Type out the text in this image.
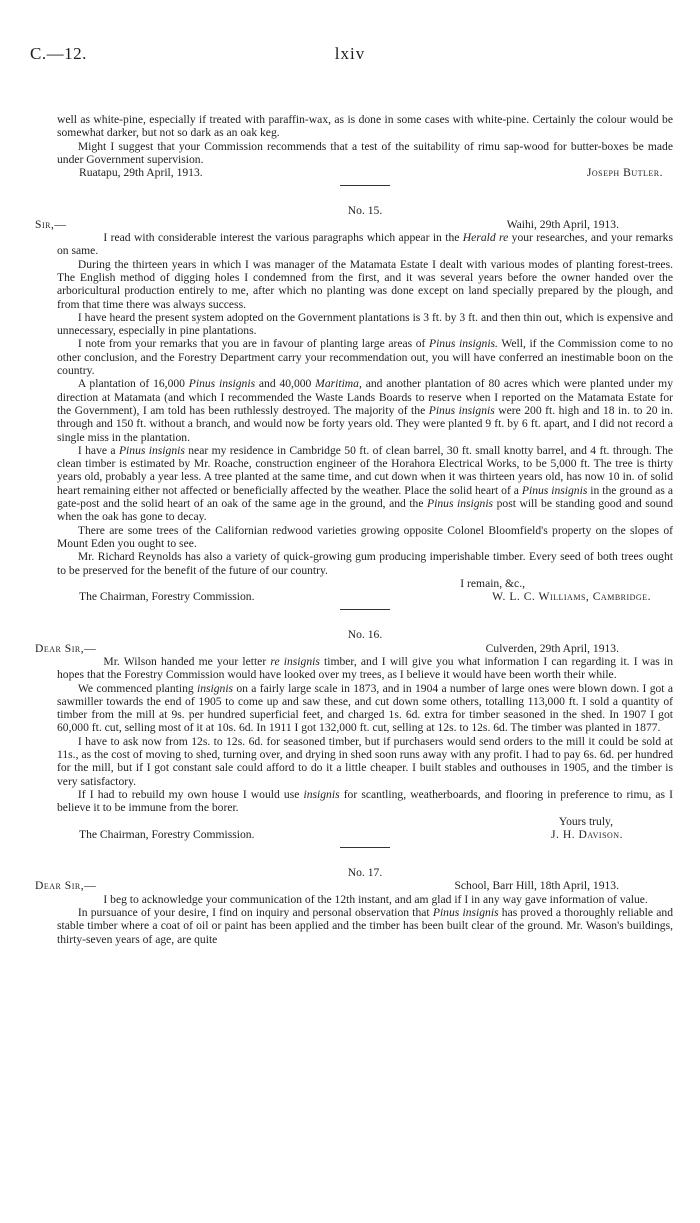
C.—12.	lxiv

well as white-pine, especially if treated with paraffin-wax, as is done in some cases with white-pine. Certainly the colour would be somewhat darker, but not so dark as an oak keg.

Might I suggest that your Commission recommends that a test of the suitability of rimu sap-wood for butter-boxes be made under Government supervision.

Ruatapu, 29th April, 1913.	Joseph Butler.
No. 15.
Sir,—	Waihi, 29th April, 1913.

I read with considerable interest the various paragraphs which appear in the Herald re your researches, and your remarks on same.

During the thirteen years in which I was manager of the Matamata Estate I dealt with various modes of planting forest-trees. The English method of digging holes I condemned from the first, and it was several years before the owner handed over the arboricultural production entirely to me, after which no planting was done except on land specially prepared by the plough, and from that time there was always success.

I have heard the present system adopted on the Government plantations is 3 ft. by 3 ft. and then thin out, which is expensive and unnecessary, especially in pine plantations.

I note from your remarks that you are in favour of planting large areas of Pinus insignis. Well, if the Commission come to no other conclusion, and the Forestry Department carry your recommendation out, you will have conferred an inestimable boon on the country.

A plantation of 16,000 Pinus insignis and 40,000 Maritima, and another plantation of 80 acres which were planted under my direction at Matamata (and which I recommended the Waste Lands Boards to reserve when I reported on the Matamata Estate for the Government), I am told has been ruthlessly destroyed. The majority of the Pinus insignis were 200 ft. high and 18 in. to 20 in. through and 150 ft. without a branch, and would now be forty years old. They were planted 9 ft. by 6 ft. apart, and I did not record a single miss in the plantation.

I have a Pinus insignis near my residence in Cambridge 50 ft. of clean barrel, 30 ft. small knotty barrel, and 4 ft. through. The clean timber is estimated by Mr. Roache, construction engineer of the Horahora Electrical Works, to be 5,000 ft. The tree is thirty years old, probably a year less. A tree planted at the same time, and cut down when it was thirteen years old, has now 10 in. of solid heart remaining either not affected or beneficially affected by the weather. Place the solid heart of a Pinus insignis in the ground as a gate-post and the solid heart of an oak of the same age in the ground, and the Pinus insignis post will be standing good and sound when the oak has gone to decay.

There are some trees of the Californian redwood varieties growing opposite Colonel Bloomfield's property on the slopes of Mount Eden you ought to see.

Mr. Richard Reynolds has also a variety of quick-growing gum producing imperishable timber. Every seed of both trees ought to be preserved for the benefit of the future of our country.

I remain, &c.,
The Chairman, Forestry Commission.	W. L. C. Williams, Cambridge.
No. 16.
Dear Sir,—	Culverden, 29th April, 1913.

Mr. Wilson handed me your letter re insignis timber, and I will give you what information I can regarding it. I was in hopes that the Forestry Commission would have looked over my trees, as I believe it would have been worth their while.

We commenced planting insignis on a fairly large scale in 1873, and in 1904 a number of large ones were blown down. I got a sawmiller towards the end of 1905 to come up and saw these, and cut down some others, totalling 113,000 ft. I sold a quantity of timber from the mill at 9s. per hundred superficial feet, and charged 1s. 6d. extra for timber seasoned in the shed. In 1907 I got 60,000 ft. cut, selling most of it at 10s. 6d. In 1911 I got 132,000 ft. cut, selling at 12s. to 12s. 6d. The timber was planted in 1877.

I have to ask now from 12s. to 12s. 6d. for seasoned timber, but if purchasers would send orders to the mill it could be sold at 11s., as the cost of moving to shed, turning over, and drying in shed soon runs away with any profit. I had to pay 6s. 6d. per hundred for the mill, but if I got constant sale could afford to do it a little cheaper. I built stables and outhouses in 1905, and the timber is very satisfactory.

If I had to rebuild my own house I would use insignis for scantling, weatherboards, and flooring in preference to rimu, as I believe it to be immune from the borer.

Yours truly,
The Chairman, Forestry Commission.	J. H. Davison.
No. 17.
Dear Sir,—	School, Barr Hill, 18th April, 1913.

I beg to acknowledge your communication of the 12th instant, and am glad if I in any way gave information of value.

In pursuance of your desire, I find on inquiry and personal observation that Pinus insignis has proved a thoroughly reliable and stable timber where a coat of oil or paint has been applied and the timber has been built clear of the ground. Mr. Wason's buildings, thirty-seven years of age, are quite
